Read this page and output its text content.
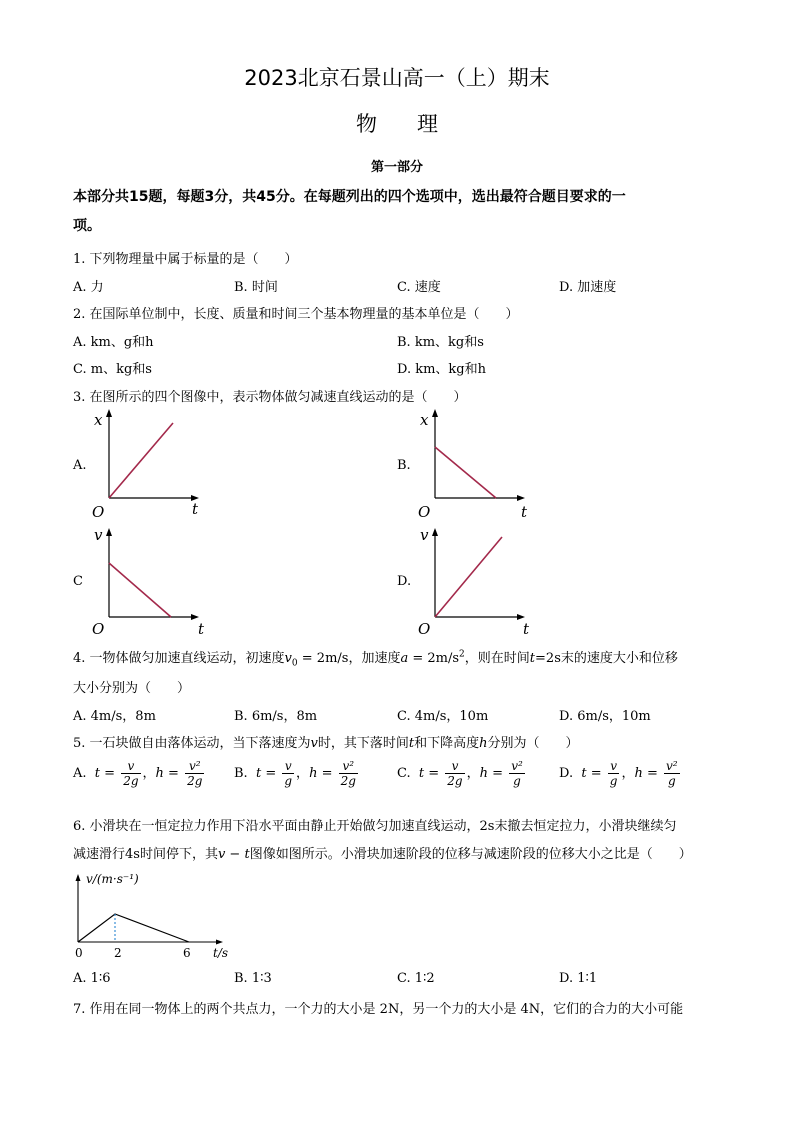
2023北京石景山高一（上）期末
物理
第一部分
本部分共15题，每题3分，共45分。在每题列出的四个选项中，选出最符合题目要求的一
项。
1. 下列物理量中属于标量的是（　　）
A. 力	B. 时间	C. 速度	D. 加速度
2. 在国际单位制中，长度、质量和时间三个基本物理量的基本单位是（　　）
A. km、g和h	B. km、kg和s
C. m、kg和s	D. km、kg和h
3. 在图所示的四个图像中，表示物体做匀减速直线运动的是（　　）
A.	B.
C	D.
x
t
O
x
t
O
v
t
O
v
t
O
4. 一物体做匀加速直线运动，初速度$v_0 = 2m/s$，加速度$a = 2m/s^2$，则在时间t=2s末的速度大小和位移
大小分别为（　　）
A. 4m/s，8m	B. 6m/s，8m	C. 4m/s，10m	D. 6m/s，10m
5. 一石块做自由落体运动，当下落速度为v时，其下落时间t和下降高度h分别为（　　）
A. $t = \frac{v}{2g}$ ，$h = \frac{\text{v²}}{2g} B$. $t = \frac{v}{g}$ ，$h = \frac{\text{v²}}{2g}$	C. $t = \frac{v}{2g}$ ，$h = \frac{\text{v²}}{g}$	D. $t = \frac{v}{g}$ ，$h = \frac{\text{v²}}{g}$
6. 小滑块在一恒定拉力作用下沿水平面由静止开始做匀加速直线运动，2s末撤去恒定拉力，小滑块继续匀
减速滑行4s时间停下，其v − t图像如图所示。小滑块加速阶段的位移与减速阶段的位移大小之比是（　　）
v/(m·s⁻¹)
t/s
0	2	6
A. 1∶6	B. 1∶3	C. 1∶2	D. 1∶1
7. 作用在同一物体上的两个共点力，一个力的大小是 2N，另一个力的大小是 4N，它们的合力的大小可能
